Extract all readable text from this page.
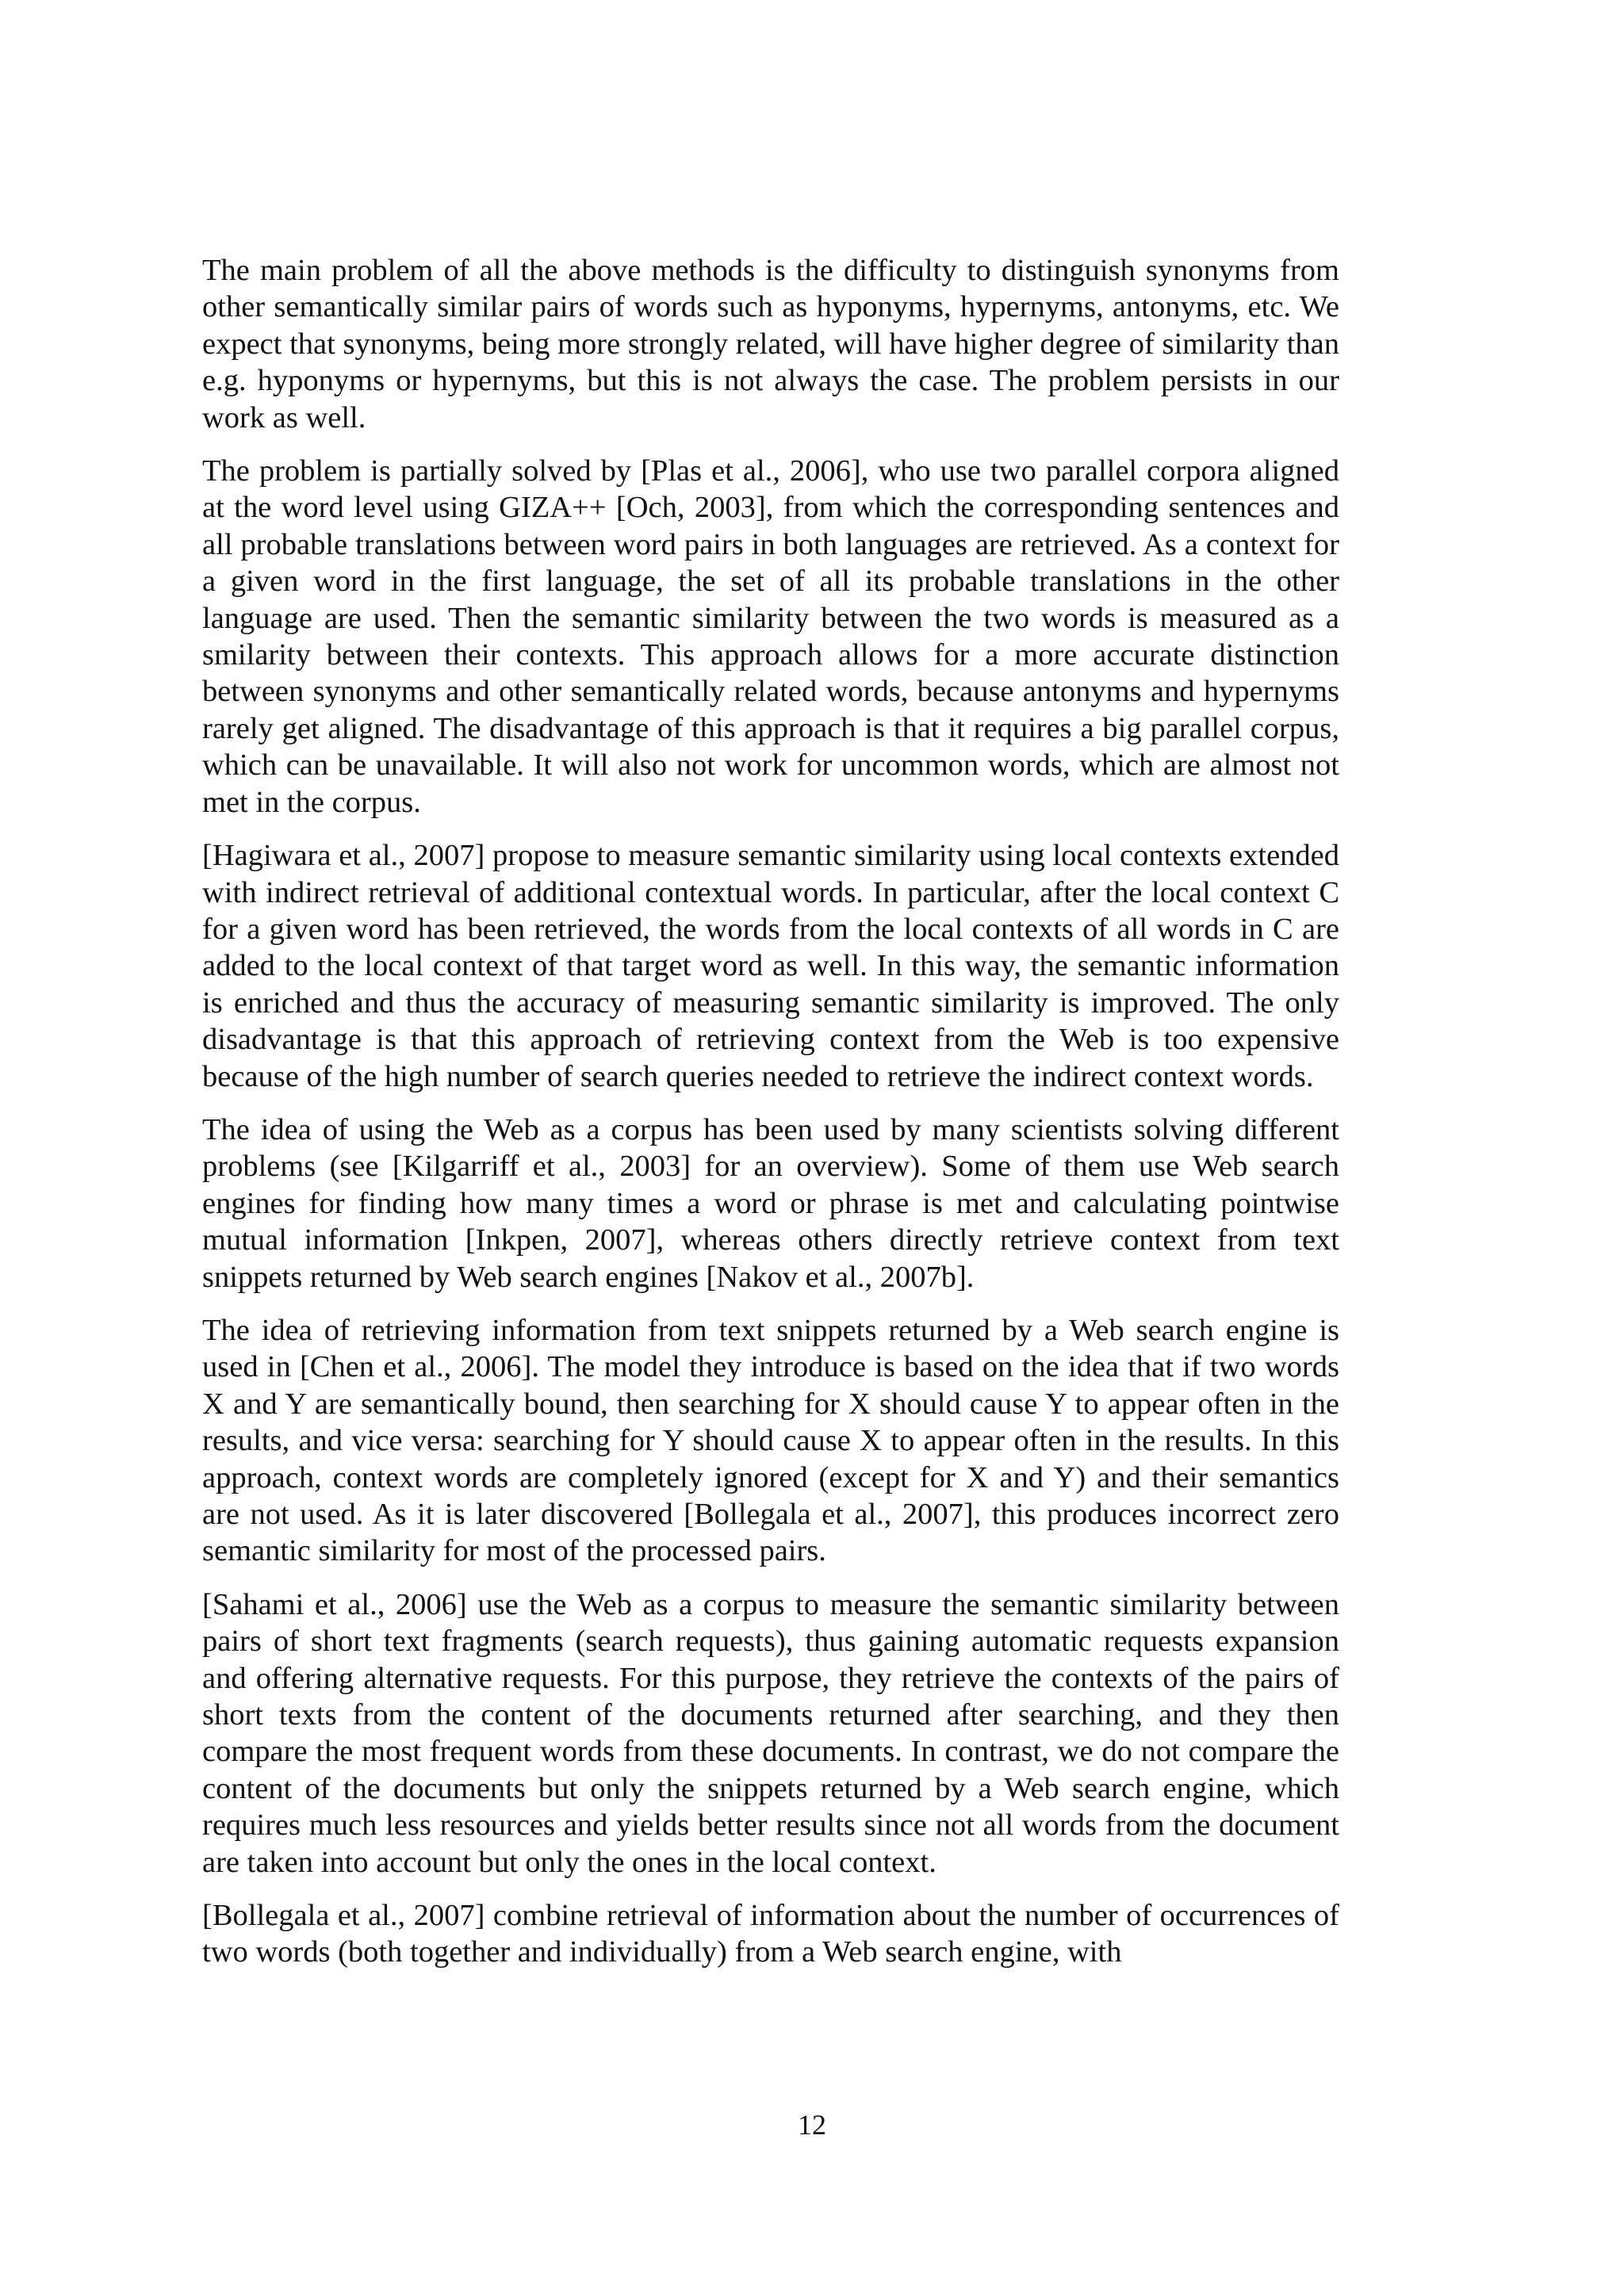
The main problem of all the above methods is the difficulty to distinguish synonyms from other semantically similar pairs of words such as hyponyms, hypernyms, antonyms, etc. We expect that synonyms, being more strongly related, will have higher degree of similarity than e.g. hyponyms or hypernyms, but this is not always the case. The problem persists in our work as well.

The problem is partially solved by [Plas et al., 2006], who use two parallel corpora aligned at the word level using GIZA++ [Och, 2003], from which the corresponding sentences and all probable translations between word pairs in both languages are retrieved. As a context for a given word in the first language, the set of all its probable translations in the other language are used. Then the semantic similarity between the two words is measured as a smilarity between their contexts. This approach allows for a more accurate distinction between synonyms and other semantically related words, because antonyms and hypernyms rarely get aligned. The disadvantage of this approach is that it requires a big parallel corpus, which can be unavailable. It will also not work for uncommon words, which are almost not met in the corpus.

[Hagiwara et al., 2007] propose to measure semantic similarity using local contexts extended with indirect retrieval of additional contextual words. In particular, after the local context C for a given word has been retrieved, the words from the local contexts of all words in C are added to the local context of that target word as well. In this way, the semantic information is enriched and thus the accuracy of measuring semantic similarity is improved. The only disadvantage is that this approach of retrieving context from the Web is too expensive because of the high number of search queries needed to retrieve the indirect context words.

The idea of using the Web as a corpus has been used by many scientists solving different problems (see [Kilgarriff et al., 2003] for an overview). Some of them use Web search engines for finding how many times a word or phrase is met and calculating pointwise mutual information [Inkpen, 2007], whereas others directly retrieve context from text snippets returned by Web search engines [Nakov et al., 2007b].

The idea of retrieving information from text snippets returned by a Web search engine is used in [Chen et al., 2006]. The model they introduce is based on the idea that if two words X and Y are semantically bound, then searching for X should cause Y to appear often in the results, and vice versa: searching for Y should cause X to appear often in the results. In this approach, context words are completely ignored (except for X and Y) and their semantics are not used. As it is later discovered [Bollegala et al., 2007], this produces incorrect zero semantic similarity for most of the processed pairs.

[Sahami et al., 2006] use the Web as a corpus to measure the semantic similarity between pairs of short text fragments (search requests), thus gaining automatic requests expansion and offering alternative requests. For this purpose, they retrieve the contexts of the pairs of short texts from the content of the documents returned after searching, and they then compare the most frequent words from these documents. In contrast, we do not compare the content of the documents but only the snippets returned by a Web search engine, which requires much less resources and yields better results since not all words from the document are taken into account but only the ones in the local context.

[Bollegala et al., 2007] combine retrieval of information about the number of occurrences of two words (both together and individually) from a Web search engine, with

12
